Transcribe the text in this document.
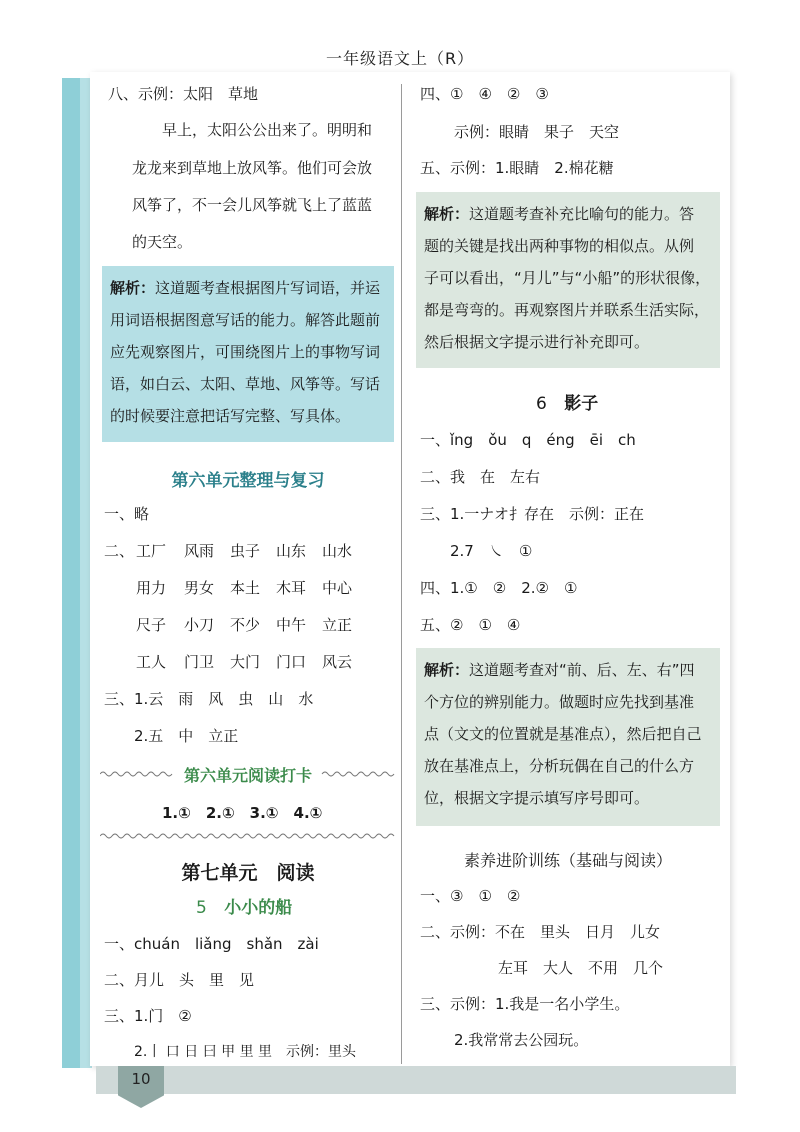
10
一年级语文上（R）
八、示例：太阳　草地
早上，太阳公公出来了。明明和
龙龙来到草地上放风筝。他们可会放
风筝了，不一会儿风筝就飞上了蓝蓝
的天空。
解析：这道题考查根据图片写词语，并运
用词语根据图意写话的能力。解答此题前
应先观察图片，可围绕图片上的事物写词
语，如白云、太阳、草地、风筝等。写话
的时候要注意把话写完整、写具体。
第六单元整理与复习
一、略
二、 工厂 风雨 虫子 山东 山水
用力 男女 本土 木耳 中心
尺子 小刀 不少 中午 立正
工人 门卫 大门 门口 风云
三、 1.云　雨　风　虫　山　水
2.五　中　立正
第六单元阅读打卡
1.①　2.①　3.①　4.①
第七单元　阅读
5 小小的船
一、chuán　liǎng　shǎn　zài
二、月儿　头　里　见
三、1.门　②
2.丨 口 日 曰 甲 里 里　示例：里头
四、①　④　②　③
示例：眼睛　果子　天空
五、示例：1.眼睛　2.棉花糖
解析：这道题考查补充比喻句的能力。答
题的关键是找出两种事物的相似点。从例
子可以看出，“月儿”与“小船”的形状很像，
都是弯弯的。再观察图片并联系生活实际，
然后根据文字提示进行补充即可。
6 影子
一、ǐng　ǒu　q　éng　ēi　ch
二、我　在　左右
三、1.一ナオ扌存在　示例：正在
2.7　㇏　①
四、1.①　②　2.②　①
五、②　①　④
解析：这道题考查对“前、后、左、右”四
个方位的辨别能力。做题时应先找到基准
点（文文的位置就是基准点），然后把自己
放在基准点上，分析玩偶在自己的什么方
位，根据文字提示填写序号即可。
素养进阶训练（基础与阅读）
一、③　①　②
二、示例：不在　里头　日月　儿女
左耳　大人　不用　几个
三、示例：1.我是一名小学生。
2.我常常去公园玩。
